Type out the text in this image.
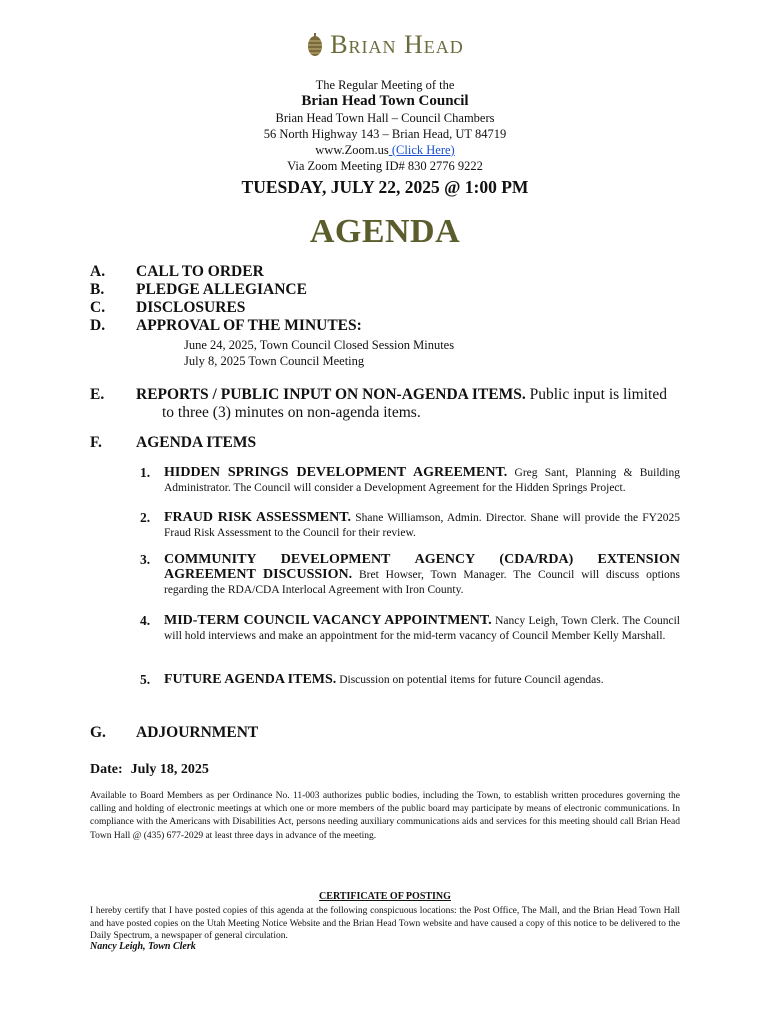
Brian Head
The Regular Meeting of the
Brian Head Town Council
Brian Head Town Hall – Council Chambers
56 North Highway 143 – Brian Head, UT 84719
www.Zoom.us (Click Here)
Via Zoom Meeting ID# 830 2776 9222
TUESDAY, JULY 22, 2025 @ 1:00 PM
AGENDA
A. CALL TO ORDER
B. PLEDGE ALLEGIANCE
C. DISCLOSURES
D. APPROVAL OF THE MINUTES:
June 24, 2025, Town Council Closed Session Minutes
July 8, 2025 Town Council Meeting
E. REPORTS / PUBLIC INPUT ON NON-AGENDA ITEMS. Public input is limited
to three (3) minutes on non-agenda items.
F. AGENDA ITEMS
1. HIDDEN SPRINGS DEVELOPMENT AGREEMENT. Greg Sant, Planning & Building Administrator. The Council will consider a Development Agreement for the Hidden Springs Project.
2. FRAUD RISK ASSESSMENT. Shane Williamson, Admin. Director. Shane will provide the FY2025 Fraud Risk Assessment to the Council for their review.
3. COMMUNITY DEVELOPMENT AGENCY (CDA/RDA) EXTENSION
AGREEMENT DISCUSSION. Bret Howser, Town Manager. The Council will discuss options regarding the RDA/CDA Interlocal Agreement with Iron County.
4. MID-TERM COUNCIL VACANCY APPOINTMENT. Nancy Leigh, Town Clerk. The Council will hold interviews and make an appointment for the mid-term vacancy of Council Member Kelly Marshall.
5. FUTURE AGENDA ITEMS. Discussion on potential items for future Council agendas.
G. ADJOURNMENT
Date: July 18, 2025
Available to Board Members as per Ordinance No. 11-003 authorizes public bodies, including the Town, to establish written procedures governing the calling and holding of electronic meetings at which one or more members of the public board may participate by means of electronic communications. In compliance with the Americans with Disabilities Act, persons needing auxiliary communications aids and services for this meeting should call Brian Head Town Hall @ (435) 677-2029 at least three days in advance of the meeting.
CERTIFICATE OF POSTING
I hereby certify that I have posted copies of this agenda at the following conspicuous locations: the Post Office, The Mall, and the Brian Head Town Hall and have posted copies on the Utah Meeting Notice Website and the Brian Head Town website and have caused a copy of this notice to be delivered to the Daily Spectrum, a newspaper of general circulation.
Nancy Leigh, Town Clerk
